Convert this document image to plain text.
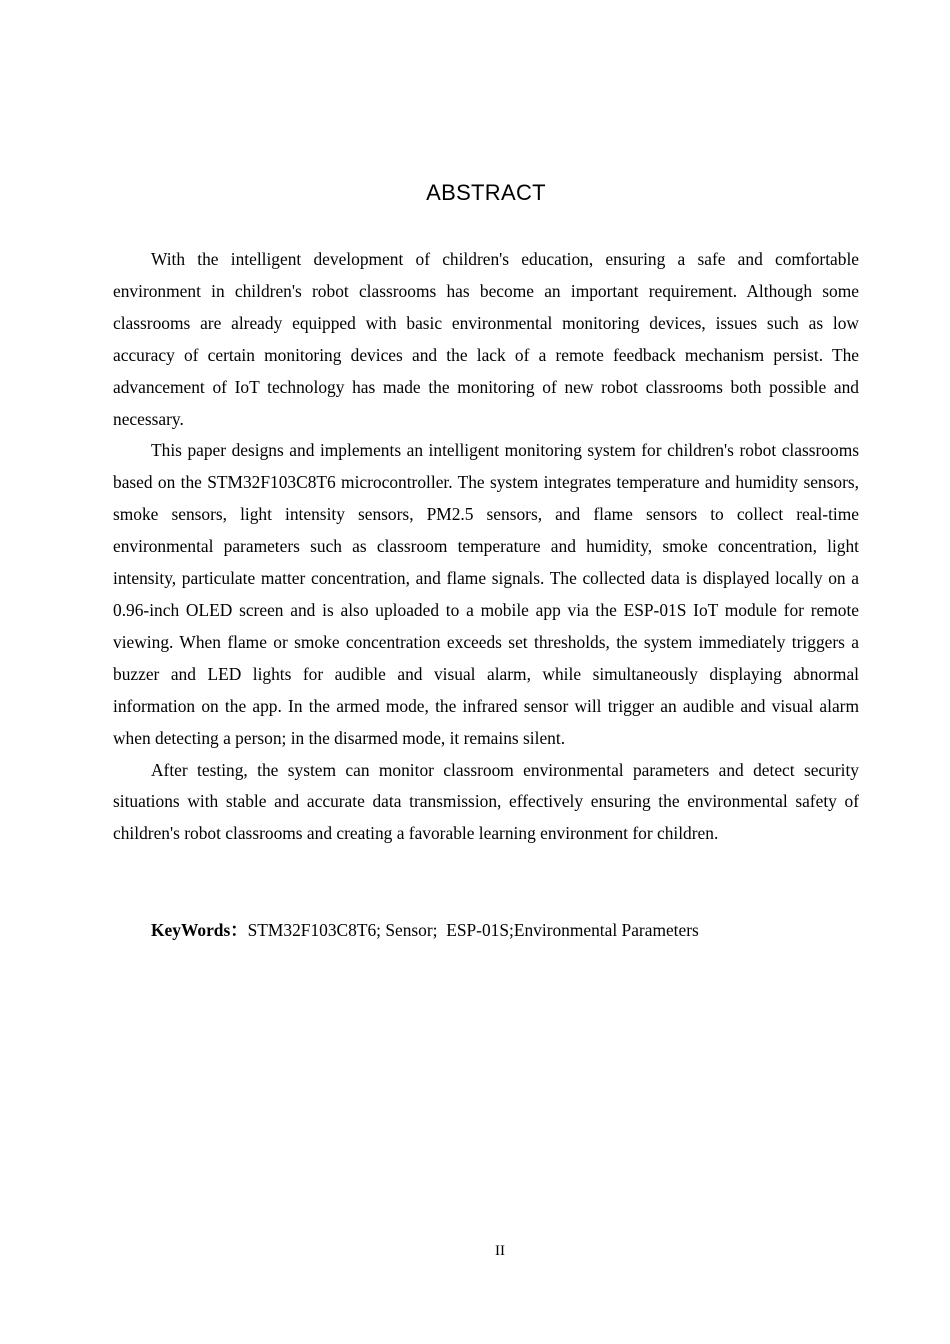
ABSTRACT

With the intelligent development of children's education, ensuring a safe and comfortable environment in children's robot classrooms has become an important requirement. Although some classrooms are already equipped with basic environmental monitoring devices, issues such as low accuracy of certain monitoring devices and the lack of a remote feedback mechanism persist. The advancement of IoT technology has made the monitoring of new robot classrooms both possible and necessary.

This paper designs and implements an intelligent monitoring system for children's robot classrooms based on the STM32F103C8T6 microcontroller. The system integrates temperature and humidity sensors, smoke sensors, light intensity sensors, PM2.5 sensors, and flame sensors to collect real-time environmental parameters such as classroom temperature and humidity, smoke concentration, light intensity, particulate matter concentration, and flame signals. The collected data is displayed locally on a 0.96-inch OLED screen and is also uploaded to a mobile app via the ESP-01S IoT module for remote viewing. When flame or smoke concentration exceeds set thresholds, the system immediately triggers a buzzer and LED lights for audible and visual alarm, while simultaneously displaying abnormal information on the app. In the armed mode, the infrared sensor will trigger an audible and visual alarm when detecting a person; in the disarmed mode, it remains silent.

After testing, the system can monitor classroom environmental parameters and detect security situations with stable and accurate data transmission, effectively ensuring the environmental safety of children's robot classrooms and creating a favorable learning environment for children.

KeyWords：STM32F103C8T6; Sensor;  ESP-01S;Environmental Parameters
II
